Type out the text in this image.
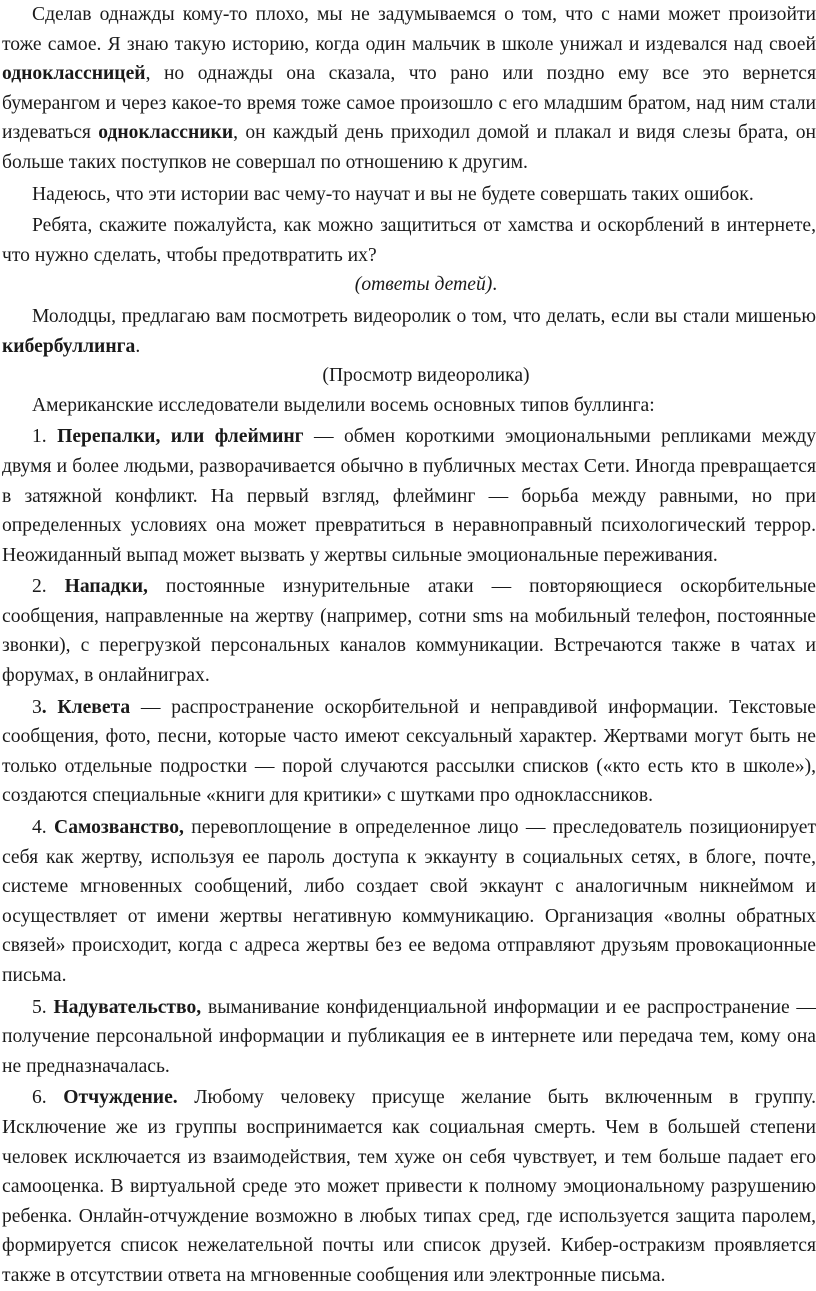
Сделав однажды кому-то плохо, мы не задумываемся о том, что с нами может произойти тоже самое. Я знаю такую историю, когда один мальчик в школе унижал и издевался над своей одноклассницей, но однажды она сказала, что рано или поздно ему все это вернется бумерангом и через какое-то время тоже самое произошло с его младшим братом, над ним стали издеваться одноклассники, он каждый день приходил домой и плакал и видя слезы брата, он больше таких поступков не совершал по отношению к другим.

Надеюсь, что эти истории вас чему-то научат и вы не будете совершать таких ошибок.

Ребята, скажите пожалуйста, как можно защититься от хамства и оскорблений в интернете, что нужно сделать, чтобы предотвратить их?

(ответы детей).

Молодцы, предлагаю вам посмотреть видеоролик о том, что делать, если вы стали мишенью кибербуллинга.

(Просмотр видеоролика)

Американские исследователи выделили восемь основных типов буллинга:

1. Перепалки, или флейминг — обмен короткими эмоциональными репликами между двумя и более людьми, разворачивается обычно в публичных местах Сети. Иногда превращается в затяжной конфликт. На первый взгляд, флейминг — борьба между равными, но при определенных условиях она может превратиться в неравноправный психологический террор. Неожиданный выпад может вызвать у жертвы сильные эмоциональные переживания.

2. Нападки, постоянные изнурительные атаки — повторяющиеся оскорбительные сообщения, направленные на жертву (например, сотни sms на мобильный телефон, постоянные звонки), с перегрузкой персональных каналов коммуникации. Встречаются также в чатах и форумах, в онлайниграх.

3. Клевета — распространение оскорбительной и неправдивой информации. Текстовые сообщения, фото, песни, которые часто имеют сексуальный характер. Жертвами могут быть не только отдельные подростки — порой случаются рассылки списков («кто есть кто в школе»), создаются специальные «книги для критики» с шутками про одноклассников.

4. Самозванство, перевоплощение в определенное лицо — преследователь позиционирует себя как жертву, используя ее пароль доступа к эккаунту в социальных сетях, в блоге, почте, системе мгновенных сообщений, либо создает свой эккаунт с аналогичным никнеймом и осуществляет от имени жертвы негативную коммуникацию. Организация «волны обратных связей» происходит, когда с адреса жертвы без ее ведома отправляют друзьям провокационные письма.

5. Надувательство, выманивание конфиденциальной информации и ее распространение — получение персональной информации и публикация ее в интернете или передача тем, кому она не предназначалась.

6. Отчуждение. Любому человеку присуще желание быть включенным в группу. Исключение же из группы воспринимается как социальная смерть. Чем в большей степени человек исключается из взаимодействия, тем хуже он себя чувствует, и тем больше падает его самооценка. В виртуальной среде это может привести к полному эмоциональному разрушению ребенка. Онлайн-отчуждение возможно в любых типах сред, где используется защита паролем, формируется список нежелательной почты или список друзей. Кибер-остракизм проявляется также в отсутствии ответа на мгновенные сообщения или электронные письма.
